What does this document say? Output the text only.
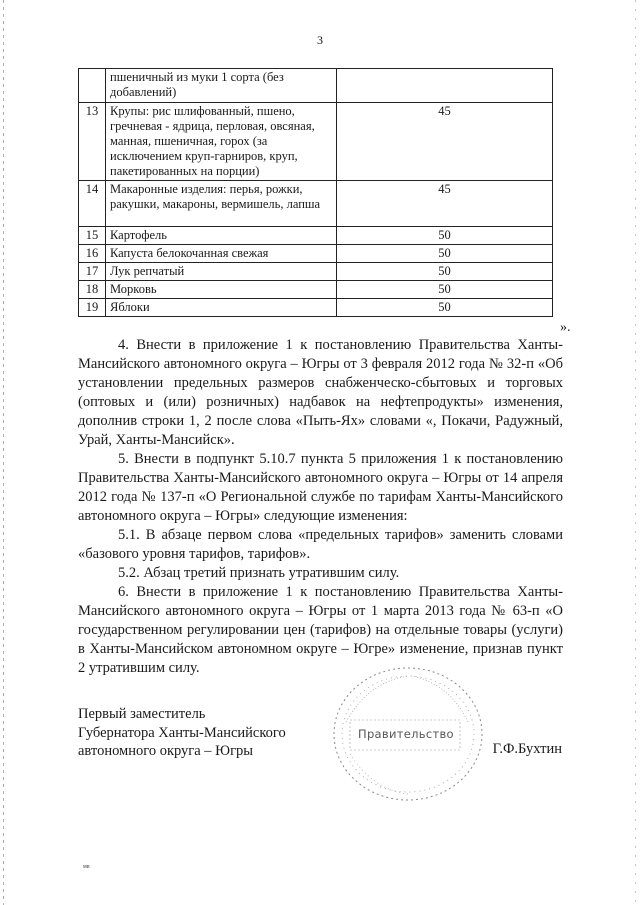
3
	пшеничный из муки 1 сорта (без добавлений)	
13	Крупы: рис шлифованный, пшено, гречневая - ядрица, перловая, овсяная, манная, пшеничная, горох (за исключением круп-гарниров, круп, пакетированных на порции)	45
14	Макаронные изделия: перья, рожки, ракушки, макароны, вермишель, лапша	45
15	Картофель	50
16	Капуста белокочанная свежая	50
17	Лук репчатый	50
18	Морковь	50
19	Яблоки	50
».

4. Внести в приложение 1 к постановлению Правительства Ханты-Мансийского автономного округа – Югры от 3 февраля 2012 года № 32-п «Об установлении предельных размеров снабженческо-сбытовых и торговых (оптовых и (или) розничных) надбавок на нефтепродукты» изменения, дополнив строки 1, 2 после слова «Пыть-Ях» словами «, Покачи, Радужный, Урай, Ханты-Мансийск».

5. Внести в подпункт 5.10.7 пункта 5 приложения 1 к постановлению Правительства Ханты-Мансийского автономного округа – Югры от 14 апреля 2012 года № 137-п «О Региональной службе по тарифам Ханты-Мансийского автономного округа – Югры» следующие изменения:

5.1. В абзаце первом слова «предельных тарифов» заменить словами «базового уровня тарифов, тарифов».

5.2. Абзац третий признать утратившим силу.

6. Внести в приложение 1 к постановлению Правительства Ханты-Мансийского автономного округа – Югры от 1 марта 2013 года № 63-п «О государственном регулировании цен (тарифов) на отдельные товары (услуги) в Ханты-Мансийском автономном округе – Югре» изменение, признав пункт 2 утратившим силу.

Первый заместитель
Губернатора Ханты-Мансийского
автономного округа – Югры
Правительство
Г.Ф.Бухтин
мв
